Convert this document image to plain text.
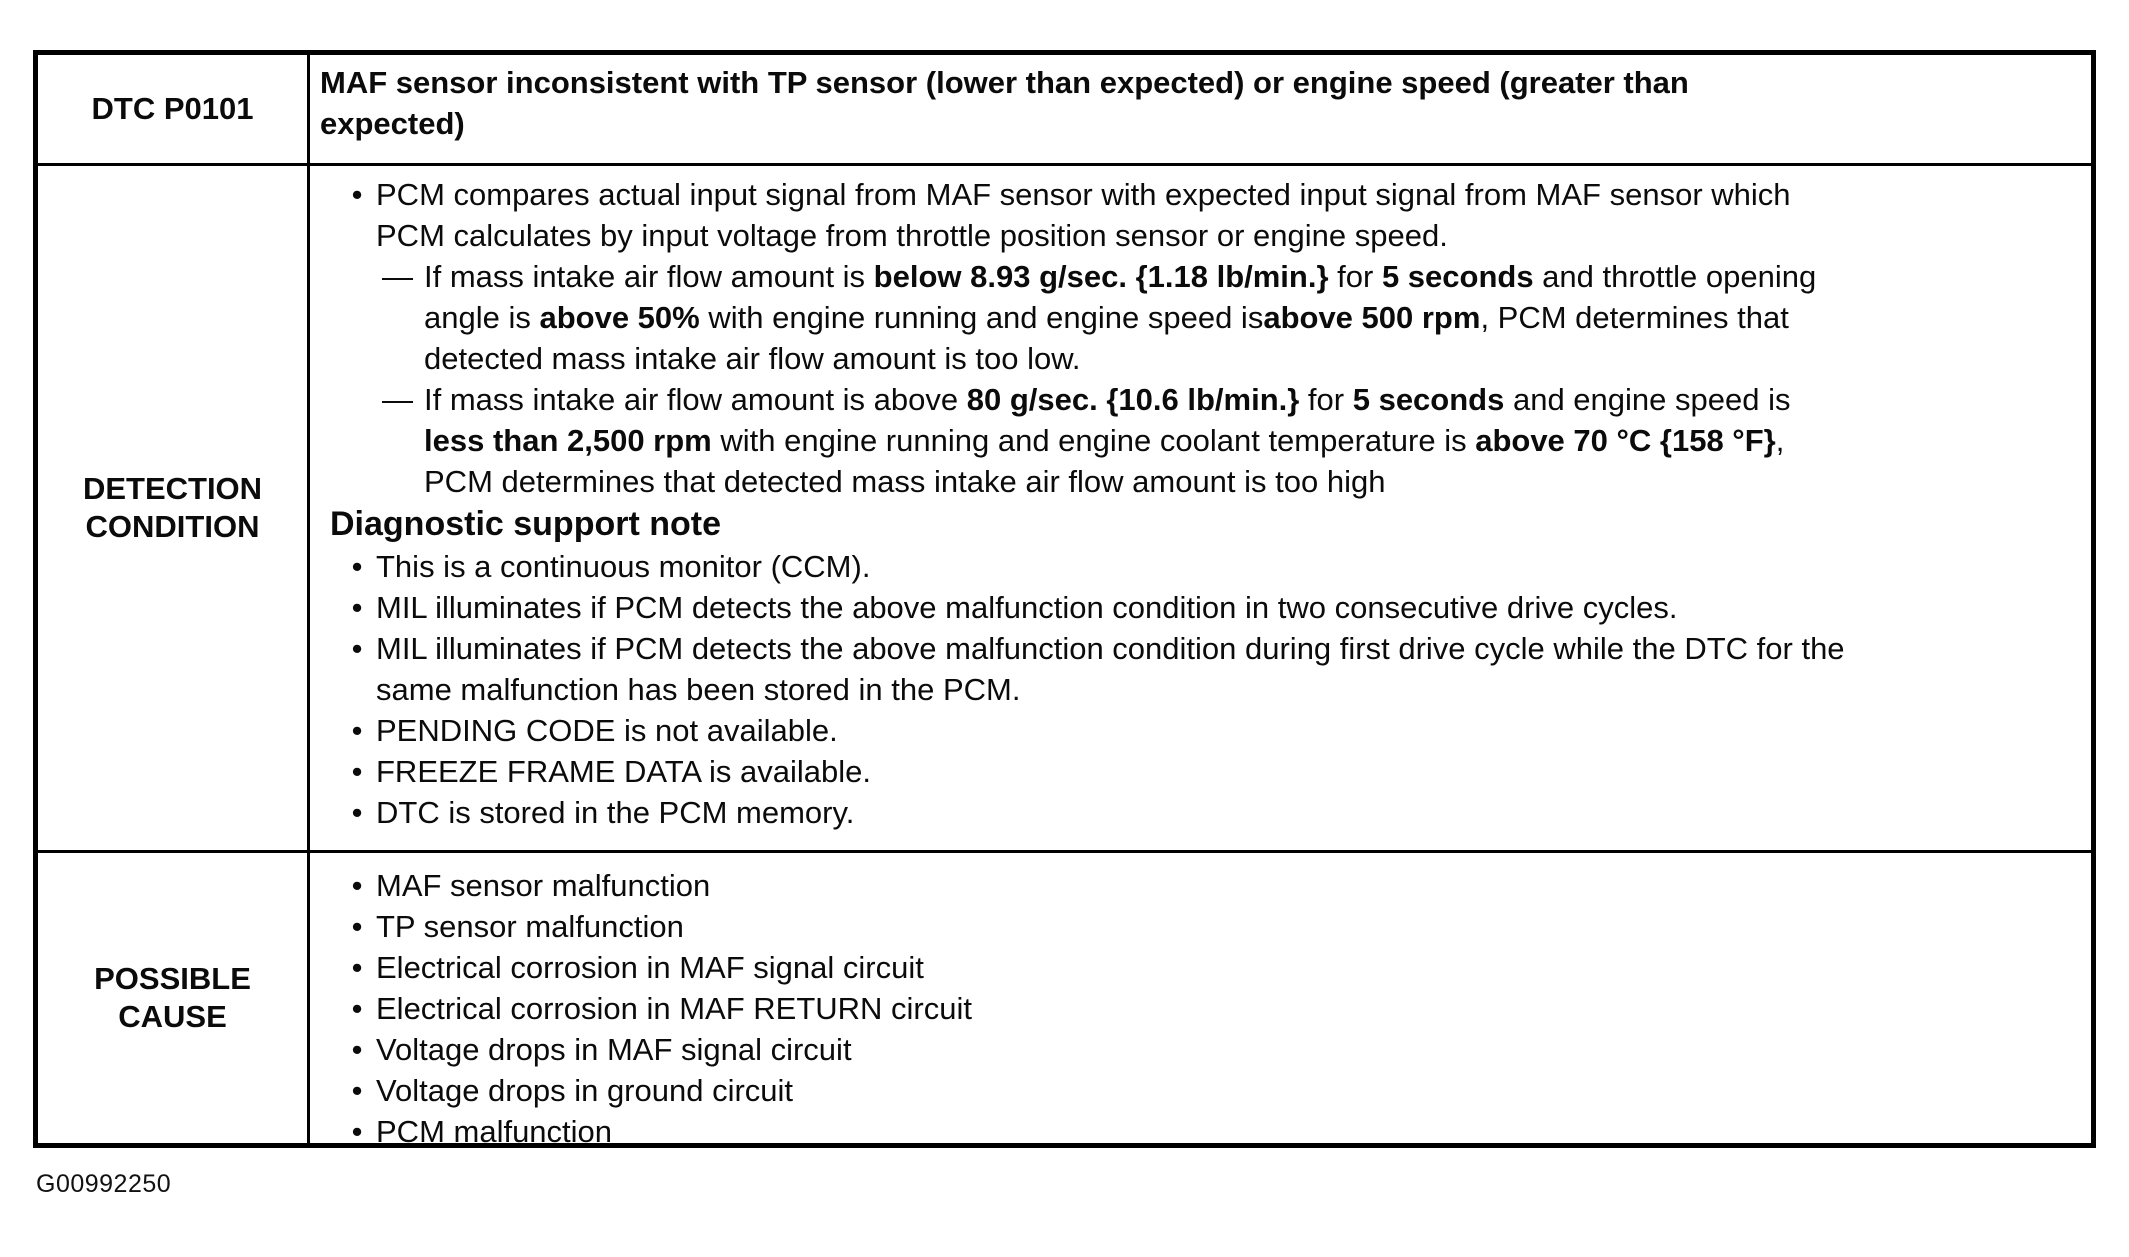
DTC P0101
MAF sensor inconsistent with TP sensor (lower than expected) or engine speed (greater than
expected)
DETECTION
CONDITION
• PCM compares actual input signal from MAF sensor with expected input signal from MAF sensor which
PCM calculates by input voltage from throttle position sensor or engine speed.
— If mass intake air flow amount is below 8.93 g/sec. {1.18 lb/min.} for 5 seconds and throttle opening
angle is above 50% with engine running and engine speed isabove 500 rpm, PCM determines that
detected mass intake air flow amount is too low.
— If mass intake air flow amount is above 80 g/sec. {10.6 lb/min.} for 5 seconds and engine speed is
less than 2,500 rpm with engine running and engine coolant temperature is above 70 °C {158 °F},
PCM determines that detected mass intake air flow amount is too high
Diagnostic support note
• This is a continuous monitor (CCM).
• MIL illuminates if PCM detects the above malfunction condition in two consecutive drive cycles.
• MIL illuminates if PCM detects the above malfunction condition during first drive cycle while the DTC for the
same malfunction has been stored in the PCM.
• PENDING CODE is not available.
• FREEZE FRAME DATA is available.
• DTC is stored in the PCM memory.
POSSIBLE
CAUSE
• MAF sensor malfunction
• TP sensor malfunction
• Electrical corrosion in MAF signal circuit
• Electrical corrosion in MAF RETURN circuit
• Voltage drops in MAF signal circuit
• Voltage drops in ground circuit
• PCM malfunction
G00992250
